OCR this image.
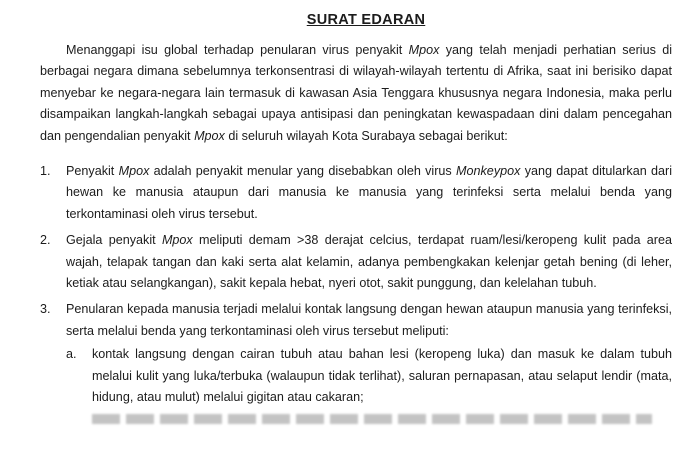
SURAT EDARAN

Menanggapi isu global terhadap penularan virus penyakit Mpox yang telah menjadi perhatian serius di berbagai negara dimana sebelumnya terkonsentrasi di wilayah-wilayah tertentu di Afrika, saat ini berisiko dapat menyebar ke negara-negara lain termasuk di kawasan Asia Tenggara khususnya negara Indonesia, maka perlu disampaikan langkah-langkah sebagai upaya antisipasi dan peningkatan kewaspadaan dini dalam pencegahan dan pengendalian penyakit Mpox di seluruh wilayah Kota Surabaya sebagai berikut:

1.	Penyakit Mpox adalah penyakit menular yang disebabkan oleh virus Monkeypox yang dapat ditularkan dari hewan ke manusia ataupun dari manusia ke manusia yang terinfeksi serta melalui benda yang terkontaminasi oleh virus tersebut.
2.	Gejala penyakit Mpox meliputi demam >38 derajat celcius, terdapat ruam/lesi/keropeng kulit pada area wajah, telapak tangan dan kaki serta alat kelamin, adanya pembengkakan kelenjar getah bening (di leher, ketiak atau selangkangan), sakit kepala hebat, nyeri otot, sakit punggung, dan kelelahan tubuh.
3.	Penularan kepada manusia terjadi melalui kontak langsung dengan hewan ataupun manusia yang terinfeksi, serta melalui benda yang terkontaminasi oleh virus tersebut meliputi:
a.	kontak langsung dengan cairan tubuh atau bahan lesi (keropeng luka) dan masuk ke dalam tubuh melalui kulit yang luka/terbuka (walaupun tidak terlihat), saluran pernapasan, atau selaput lendir (mata, hidung, atau mulut) melalui gigitan atau cakaran;
